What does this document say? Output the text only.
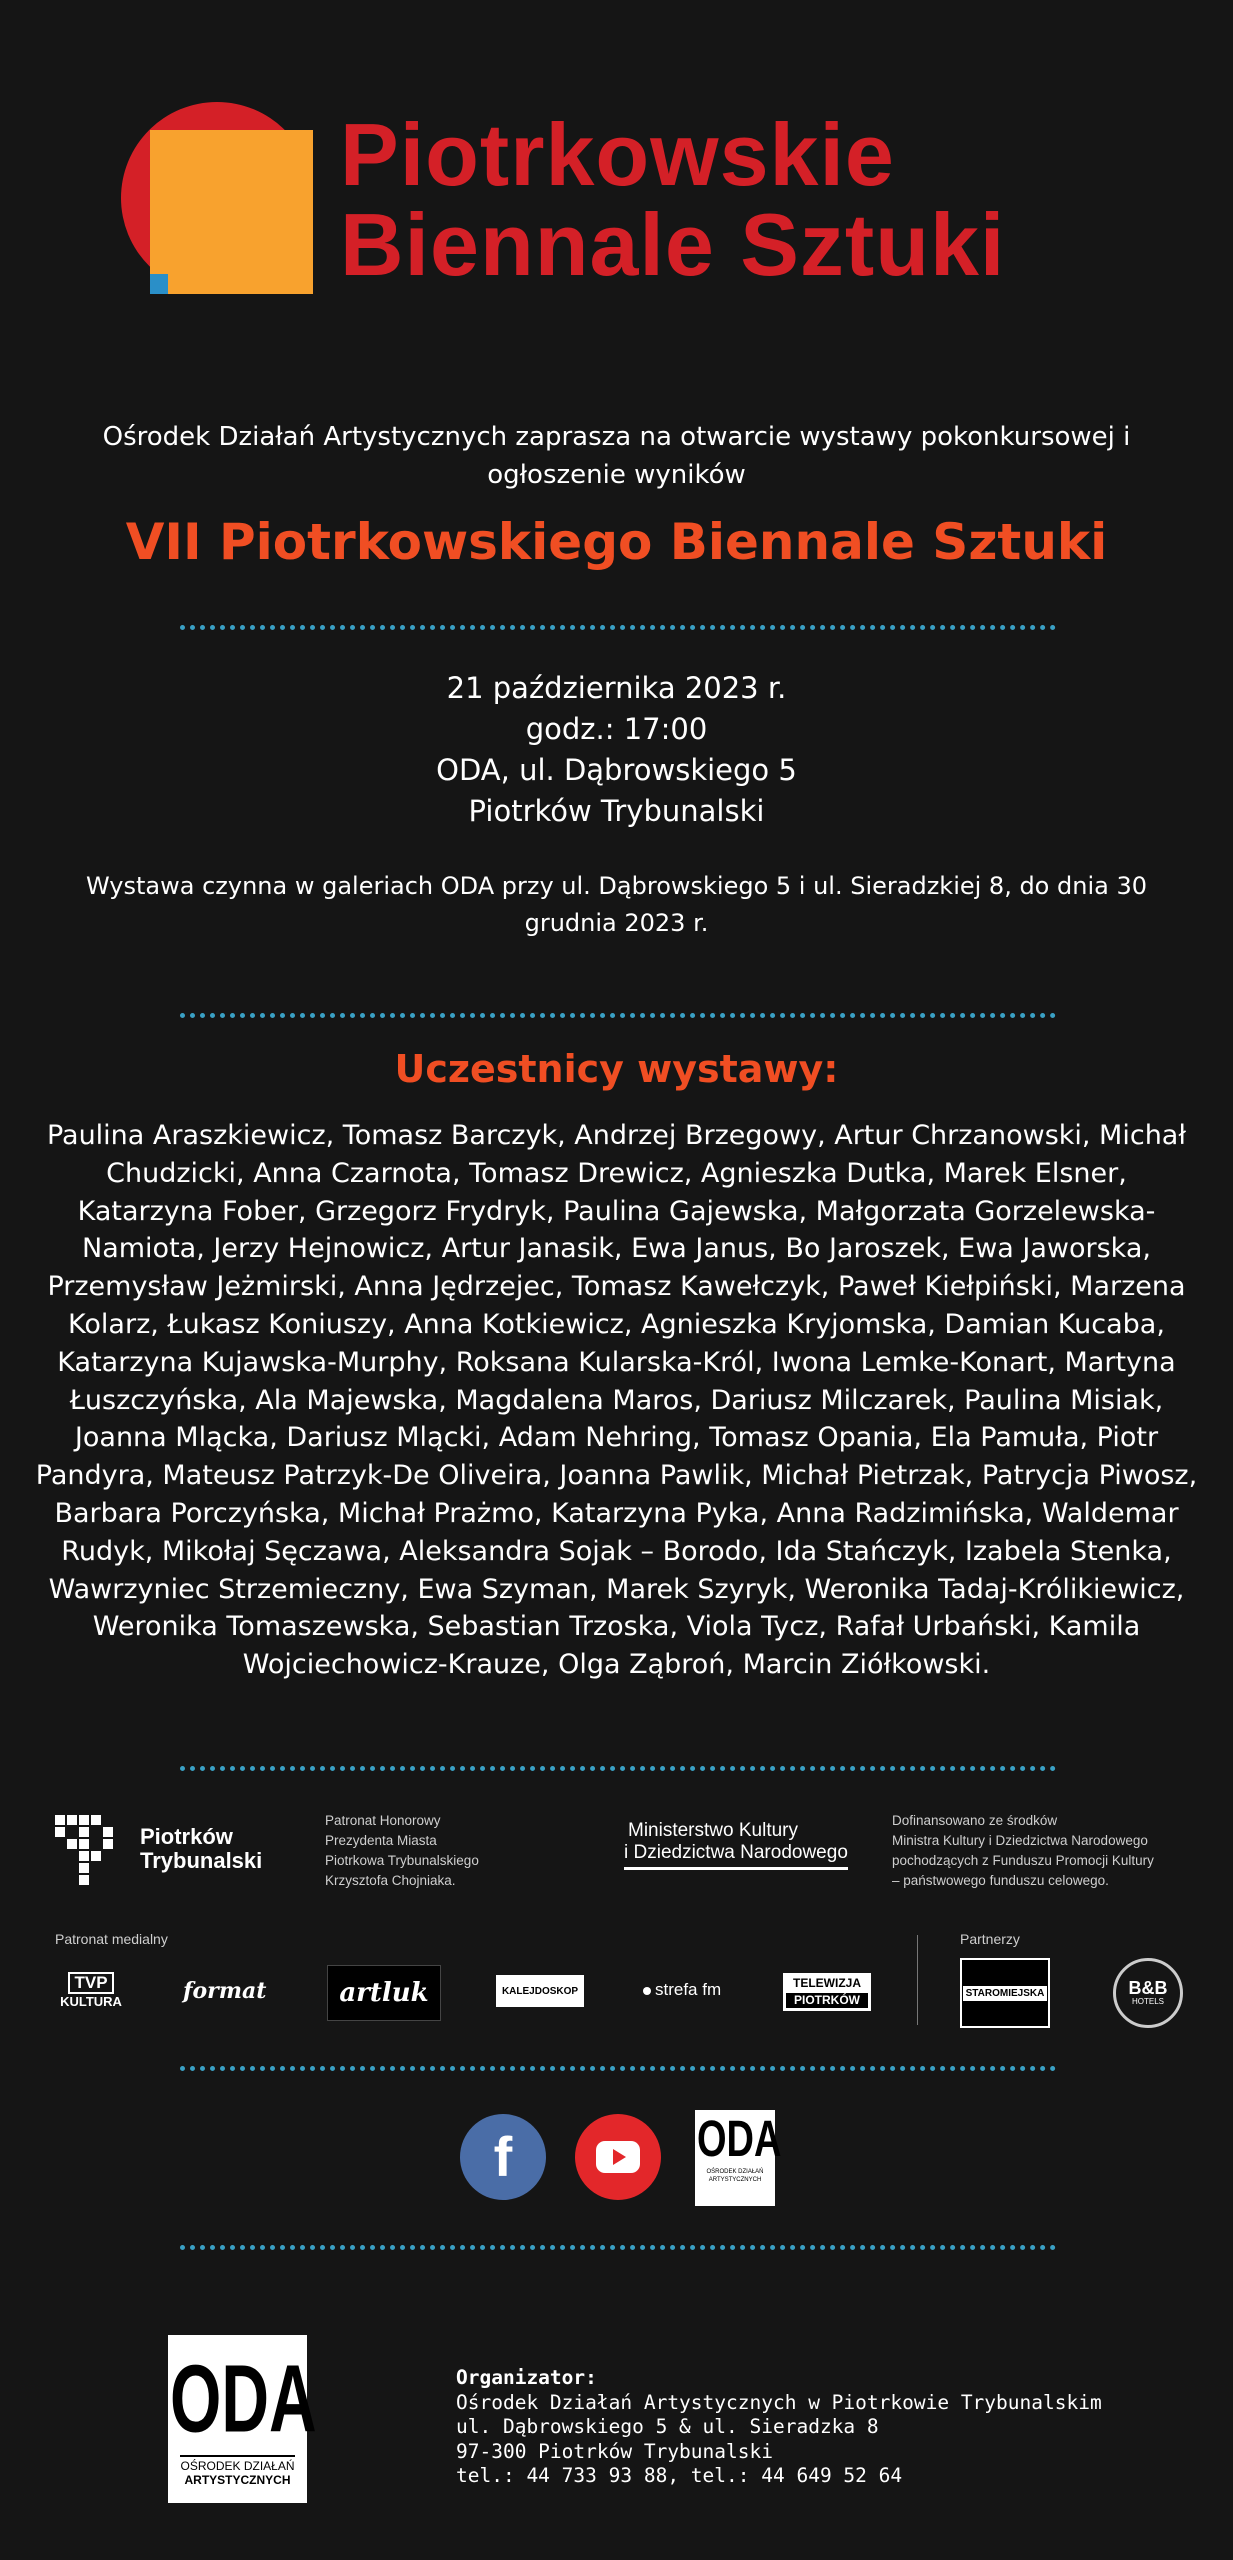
Piotrkowskie
Biennale Sztuki
Ośrodek Działań Artystycznych zaprasza na otwarcie wystawy pokonkursowej i ogłoszenie wyników
VII Piotrkowskiego Biennale Sztuki
21 października 2023 r.
godz.: 17:00
ODA, ul. Dąbrowskiego 5
Piotrków Trybunalski
Wystawa czynna w galeriach ODA przy ul. Dąbrowskiego 5 i ul. Sieradzkiej 8, do dnia 30 grudnia 2023 r.
Uczestnicy wystawy:
Paulina Araszkiewicz, Tomasz Barczyk, Andrzej Brzegowy, Artur Chrzanowski, Michał Chudzicki, Anna Czarnota, Tomasz Drewicz, Agnieszka Dutka, Marek Elsner, Katarzyna Fober, Grzegorz Frydryk, Paulina Gajewska, Małgorzata Gorzelewska-Namiota, Jerzy Hejnowicz, Artur Janasik, Ewa Janus, Bo Jaroszek, Ewa Jaworska, Przemysław Jeżmirski, Anna Jędrzejec, Tomasz Kawełczyk, Paweł Kiełpiński, Marzena Kolarz, Łukasz Koniuszy, Anna Kotkiewicz, Agnieszka Kryjomska, Damian Kucaba, Katarzyna Kujawska-Murphy, Roksana Kularska-Król, Iwona Lemke-Konart, Martyna Łuszczyńska, Ala Majewska, Magdalena Maros, Dariusz Milczarek, Paulina Misiak, Joanna Mlącka, Dariusz Mlącki, Adam Nehring, Tomasz Opania, Ela Pamuła, Piotr Pandyra, Mateusz Patrzyk-De Oliveira, Joanna Pawlik, Michał Pietrzak, Patrycja Piwosz, Barbara Porczyńska, Michał Prażmo, Katarzyna Pyka, Anna Radzimińska, Waldemar Rudyk, Mikołaj Sęczawa, Aleksandra Sojak – Borodo, Ida Stańczyk, Izabela Stenka, Wawrzyniec Strzemieczny, Ewa Szyman, Marek Szyryk, Weronika Tadaj-Królikiewicz, Weronika Tomaszewska, Sebastian Trzoska, Viola Tycz, Rafał Urbański, Kamila Wojciechowicz-Krauze, Olga Ząbroń, Marcin Ziółkowski.
Piotrków
Trybunalski
Patronat Honorowy
Prezydenta Miasta
Piotrkowa Trybunalskiego
Krzysztofa Chojniaka.
Ministerstwo Kultury
i Dziedzictwa Narodowego
Dofinansowano ze środków
Ministra Kultury i Dziedzictwa Narodowego
pochodzących z Funduszu Promocji Kultury
– państwowego funduszu celowego.
Patronat medialny	Partnerzy
TVP
KULTURA	format	artluk	KALEJDOSKOP	strefa fm	TELEWIZJA
PIOTRKÓW	STAROMIEJSKA	B&B
HOTELS
f	ODA
OŚRODEK DZIAŁAŃ ARTYSTYCZNYCH
ODA
OŚRODEK DZIAŁAŃ
ARTYSTYCZNYCH
Organizator:
Ośrodek Działań Artystycznych w Piotrkowie Trybunalskim
ul. Dąbrowskiego 5 & ul. Sieradzka 8
97-300 Piotrków Trybunalski
tel.: 44 733 93 88, tel.: 44 649 52 64
